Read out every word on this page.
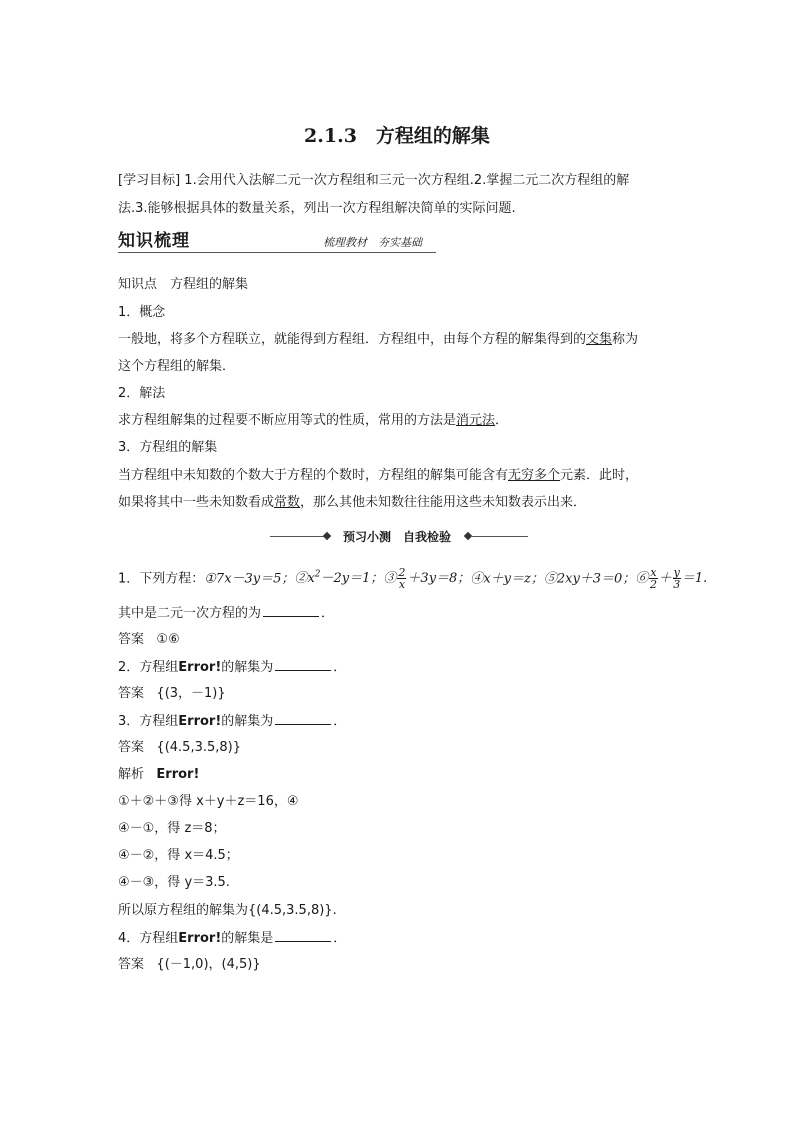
2.1.3　方程组的解集
[学习目标] 1.会用代入法解二元一次方程组和三元一次方程组.2.掌握二元二次方程组的解
法.3.能够根据具体的数量关系，列出一次方程组解决简单的实际问题.
知识梳理	梳理教材　夯实基础
知识点　方程组的解集
1．概念
一般地，将多个方程联立，就能得到方程组．方程组中，由每个方程的解集得到的交集称为
这个方程组的解集．
2．解法
求方程组解集的过程要不断应用等式的性质，常用的方法是消元法．
3．方程组的解集
当方程组中未知数的个数大于方程的个数时，方程组的解集可能含有无穷多个元素．此时，
如果将其中一些未知数看成常数，那么其他未知数往往能用这些未知数表示出来．
预习小测　自我检验
1．下列方程：①7x－3y＝5；$②x^2-2y=1$；③ $\frac{2}{x} +3y=8$；④x＋y＝z；⑤2xy＋3＝0；⑥ $\frac{x}{2} + \frac{y}{3} =1$.
其中是二元一次方程的为	．
答案 ①⑥
2．方程组Error!的解集为	．
答案 {(3，－1)}
3．方程组Error!的解集为	．
答案 {(4.5,3.5,8)}
解析 Error!
①＋②＋③得 x＋y＋z＝16，④
④－①，得 z＝8；
④－②，得 x＝4.5；
④－③，得 y＝3.5.
所以原方程组的解集为{(4.5,3.5,8)}.
4．方程组Error!的解集是	．
答案 {(－1,0)，(4,5)}
